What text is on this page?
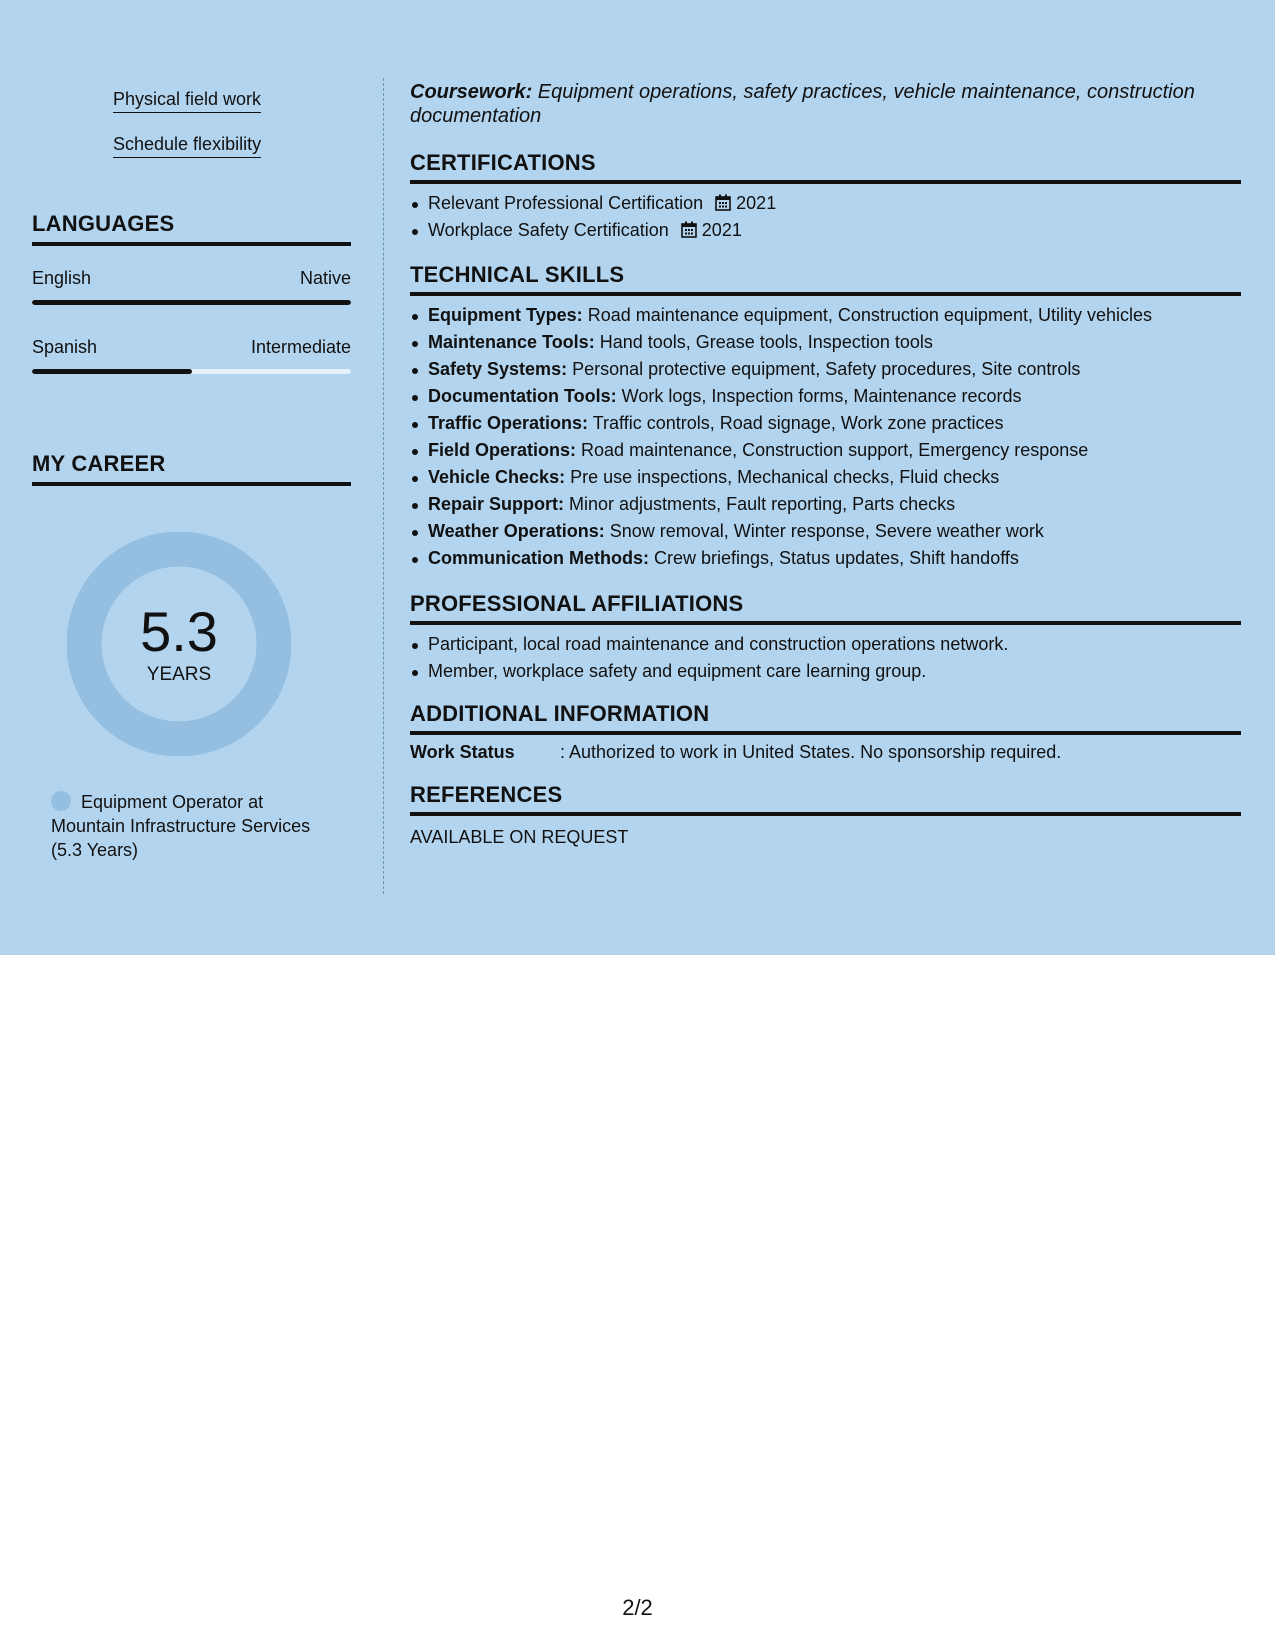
Physical field work
Schedule flexibility
LANGUAGES
English	Native
Spanish	Intermediate
MY CAREER
5.3
YEARS
Equipment Operator at Mountain Infrastructure Services (5.3 Years)
Coursework: Equipment operations, safety practices, vehicle maintenance, construction documentation
CERTIFICATIONS
Relevant Professional Certification 2021
Workplace Safety Certification 2021
TECHNICAL SKILLS
Equipment Types: Road maintenance equipment, Construction equipment, Utility vehicles
Maintenance Tools: Hand tools, Grease tools, Inspection tools
Safety Systems: Personal protective equipment, Safety procedures, Site controls
Documentation Tools: Work logs, Inspection forms, Maintenance records
Traffic Operations: Traffic controls, Road signage, Work zone practices
Field Operations: Road maintenance, Construction support, Emergency response
Vehicle Checks: Pre use inspections, Mechanical checks, Fluid checks
Repair Support: Minor adjustments, Fault reporting, Parts checks
Weather Operations: Snow removal, Winter response, Severe weather work
Communication Methods: Crew briefings, Status updates, Shift handoffs
PROFESSIONAL AFFILIATIONS
Participant, local road maintenance and construction operations network.
Member, workplace safety and equipment care learning group.
ADDITIONAL INFORMATION
Work Status	: Authorized to work in United States. No sponsorship required.
REFERENCES
AVAILABLE ON REQUEST
2/2
